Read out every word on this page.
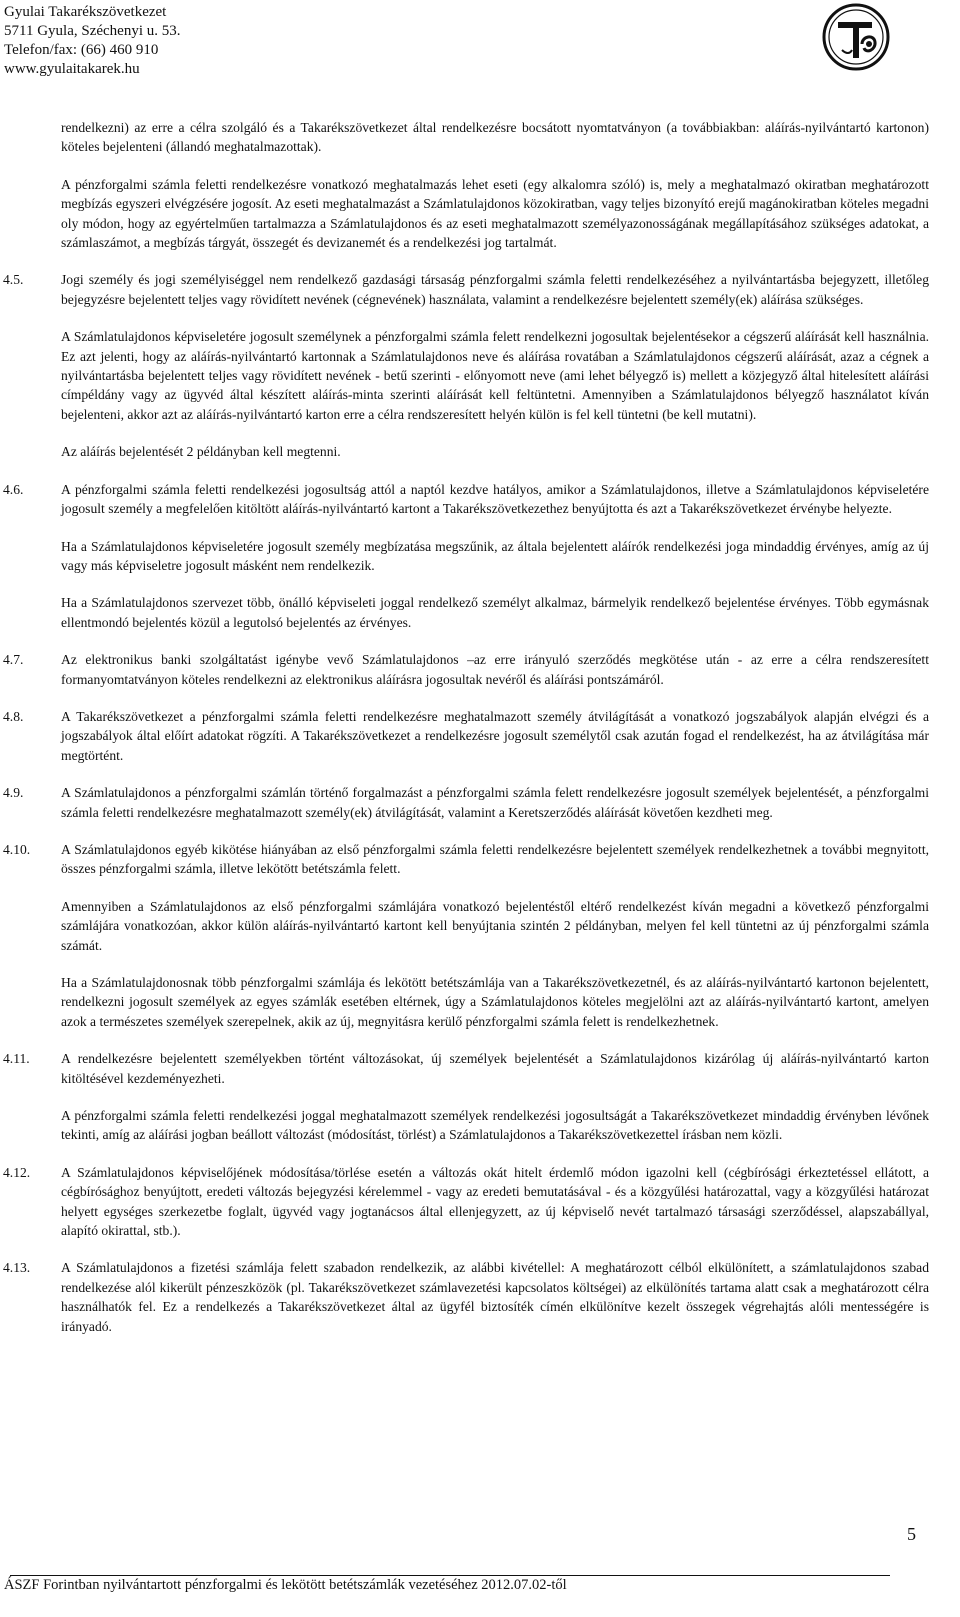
Gyulai Takarékszövetkezet
5711 Gyula, Széchenyi u. 53.
Telefon/fax: (66) 460 910
www.gyulaitakarek.hu

rendelkezni) az erre a célra szolgáló és a Takarékszövetkezet által rendelkezésre bocsátott nyomtatványon (a továbbiakban: aláírás-nyilvántartó kartonon) köteles bejelenteni (állandó meghatalmazottak).

A pénzforgalmi számla feletti rendelkezésre vonatkozó meghatalmazás lehet eseti (egy alkalomra szóló) is, mely a meghatalmazó okiratban meghatározott megbízás egyszeri elvégzésére jogosít. Az eseti meghatalmazást a Számlatulajdonos közokiratban, vagy teljes bizonyító erejű magánokiratban köteles megadni oly módon, hogy az egyértelműen tartalmazza a Számlatulajdonos és az eseti meghatalmazott személyazonosságának megállapításához szükséges adatokat, a számlaszámot, a megbízás tárgyát, összegét és devizanemét és a rendelkezési jog tartalmát.

4.5.	Jogi személy és jogi személyiséggel nem rendelkező gazdasági társaság pénzforgalmi számla feletti rendelkezéséhez a nyilvántartásba bejegyzett, illetőleg bejegyzésre bejelentett teljes vagy rövidített nevének (cégnevének) használata, valamint a rendelkezésre bejelentett személy(ek) aláírása szükséges.

A Számlatulajdonos képviseletére jogosult személynek a pénzforgalmi számla felett rendelkezni jogosultak bejelentésekor a cégszerű aláírását kell használnia. Ez azt jelenti, hogy az aláírás-nyilvántartó kartonnak a Számlatulajdonos neve és aláírása rovatában a Számlatulajdonos cégszerű aláírását, azaz a cégnek a nyilvántartásba bejelentett teljes vagy rövidített nevének - betű szerinti - előnyomott neve (ami lehet bélyegző is) mellett a közjegyző által hitelesített aláírási címpéldány vagy az ügyvéd által készített aláírás-minta szerinti aláírását kell feltüntetni. Amennyiben a Számlatulajdonos bélyegző használatot kíván bejelenteni, akkor azt az aláírás-nyilvántartó karton erre a célra rendszeresített helyén külön is fel kell tüntetni (be kell mutatni).

Az aláírás bejelentését 2 példányban kell megtenni.

4.6.	A pénzforgalmi számla feletti rendelkezési jogosultság attól a naptól kezdve hatályos, amikor a Számlatulajdonos, illetve a Számlatulajdonos képviseletére jogosult személy a megfelelően kitöltött aláírás-nyilvántartó kartont a Takarékszövetkezethez benyújtotta és azt a Takarékszövetkezet érvénybe helyezte.

Ha a Számlatulajdonos képviseletére jogosult személy megbízatása megszűnik, az általa bejelentett aláírók rendelkezési joga mindaddig érvényes, amíg az új vagy más képviseletre jogosult másként nem rendelkezik.

Ha a Számlatulajdonos szervezet több, önálló képviseleti joggal rendelkező személyt alkalmaz, bármelyik rendelkező bejelentése érvényes. Több egymásnak ellentmondó bejelentés közül a legutolsó bejelentés az érvényes.

4.7.	Az elektronikus banki szolgáltatást igénybe vevő Számlatulajdonos –az erre irányuló szerződés megkötése után - az erre a célra rendszeresített formanyomtatványon köteles rendelkezni az elektronikus aláírásra jogosultak nevéről és aláírási pontszámáról.

4.8.	A Takarékszövetkezet a pénzforgalmi számla feletti rendelkezésre meghatalmazott személy átvilágítását a vonatkozó jogszabályok alapján elvégzi és a jogszabályok által előírt adatokat rögzíti. A Takarékszövetkezet a rendelkezésre jogosult személytől csak azután fogad el rendelkezést, ha az átvilágítása már megtörtént.

4.9.	A Számlatulajdonos a pénzforgalmi számlán történő forgalmazást a pénzforgalmi számla felett rendelkezésre jogosult személyek bejelentését, a pénzforgalmi számla feletti rendelkezésre meghatalmazott személy(ek) átvilágítását, valamint a Keretszerződés aláírását követően kezdheti meg.

4.10. A Számlatulajdonos egyéb kikötése hiányában az első pénzforgalmi számla feletti rendelkezésre bejelentett személyek rendelkezhetnek a további megnyitott, összes pénzforgalmi számla, illetve lekötött betétszámla felett.

Amennyiben a Számlatulajdonos az első pénzforgalmi számlájára vonatkozó bejelentéstől eltérő rendelkezést kíván megadni a következő pénzforgalmi számlájára vonatkozóan, akkor külön aláírás-nyilvántartó kartont kell benyújtania szintén 2 példányban, melyen fel kell tüntetni az új pénzforgalmi számla számát.

Ha a Számlatulajdonosnak több pénzforgalmi számlája és lekötött betétszámlája van a Takarékszövetkezetnél, és az aláírás-nyilvántartó kartonon bejelentett, rendelkezni jogosult személyek az egyes számlák esetében eltérnek, úgy a Számlatulajdonos köteles megjelölni azt az aláírás-nyilvántartó kartont, amelyen azok a természetes személyek szerepelnek, akik az új, megnyitásra kerülő pénzforgalmi számla felett is rendelkezhetnek.

4.11. A rendelkezésre bejelentett személyekben történt változásokat, új személyek bejelentését a Számlatulajdonos kizárólag új aláírás-nyilvántartó karton kitöltésével kezdeményezheti.

A pénzforgalmi számla feletti rendelkezési joggal meghatalmazott személyek rendelkezési jogosultságát a Takarékszövetkezet mindaddig érvényben lévőnek tekinti, amíg az aláírási jogban beállott változást (módosítást, törlést) a Számlatulajdonos a Takarékszövetkezettel írásban nem közli.

4.12. A Számlatulajdonos képviselőjének módosítása/törlése esetén a változás okát hitelt érdemlő módon igazolni kell (cégbírósági érkeztetéssel ellátott, a cégbírósághoz benyújtott, eredeti változás bejegyzési kérelemmel - vagy az eredeti bemutatásával - és a közgyűlési határozattal, vagy a közgyűlési határozat helyett egységes szerkezetbe foglalt, ügyvéd vagy jogtanácsos által ellenjegyzett, az új képviselő nevét tartalmazó társasági szerződéssel, alapszabállyal, alapító okirattal, stb.).

4.13. A Számlatulajdonos a fizetési számlája felett szabadon rendelkezik, az alábbi kivétellel: A meghatározott célból elkülönített, a számlatulajdonos szabad rendelkezése alól kikerült pénzeszközök (pl. Takarékszövetkezet számlavezetési kapcsolatos költségei) az elkülönítés tartama alatt csak a meghatározott célra használhatók fel. Ez a rendelkezés a Takarékszövetkezet által az ügyfél biztosíték címén elkülönítve kezelt összegek végrehajtás alóli mentességére is irányadó.

5
ÁSZF Forintban nyilvántartott pénzforgalmi és lekötött betétszámlák vezetéséhez 2012.07.02-től
